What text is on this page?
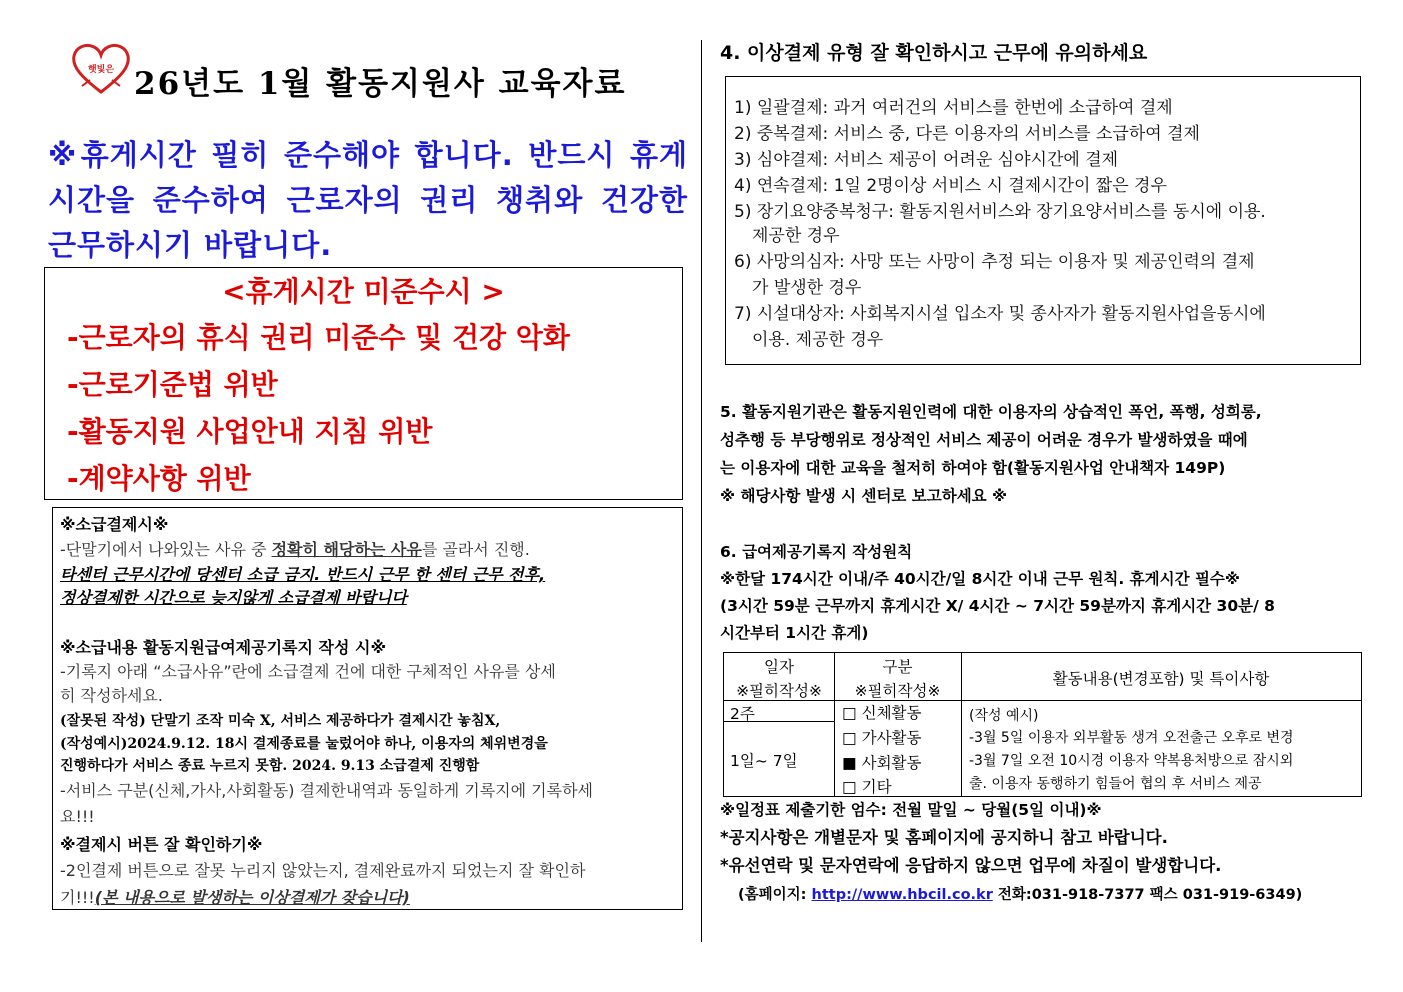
햇빛은 26년도 1월 활동지원사 교육자료
※휴게시간 필히 준수해야 합니다. 반드시 휴게시간을 준수하여 근로자의 권리 챙취와 건강한 근무하시기 바랍니다.
<휴게시간 미준수시 >
-근로자의 휴식 권리 미준수 및 건강 악화
-근로기준법 위반
-활동지원 사업안내 지침 위반
-계약사항 위반
※소급결제시※
-단말기에서 나와있는 사유 중 정확히 해당하는 사유를 골라서 진행.
타센터 근무시간에 당센터 소급 금지. 반드시 근무 한 센터 근무 전후,
정상결제한 시간으로 늦지않게 소급결제 바랍니다
※소급내용 활동지원급여제공기록지 작성 시※
-기록지 아래 “소급사유”란에 소급결제 건에 대한 구체적인 사유를 상세
히 작성하세요.
(잘못된 작성) 단말기 조작 미숙 X, 서비스 제공하다가 결제시간 놓침X,
(작성예시)2024.9.12. 18시 결제종료를 눌렀어야 하나, 이용자의 체위변경을
진행하다가 서비스 종료 누르지 못함. 2024. 9.13 소급결제 진행함
-서비스 구분(신체,가사,사회활동) 결제한내역과 동일하게 기록지에 기록하세
요!!!
※결제시 버튼 잘 확인하기※
-2인결제 버튼으로 잘못 누리지 않았는지, 결제완료까지 되었는지 잘 확인하
기!!!(본 내용으로 발생하는 이상결제가 잦습니다)
4. 이상결제 유형 잘 확인하시고 근무에 유의하세요
1) 일괄결제: 과거 여러건의 서비스를 한번에 소급하여 결제
2) 중복결제: 서비스 중, 다른 이용자의 서비스를 소급하여 결제
3) 심야결제: 서비스 제공이 어려운 심야시간에 결제
4) 연속결제: 1일 2명이상 서비스 시 결제시간이 짧은 경우
5) 장기요양중복청구: 활동지원서비스와 장기요양서비스를 동시에 이용.
제공한 경우
6) 사망의심자: 사망 또는 사망이 추정 되는 이용자 및 제공인력의 결제
가 발생한 경우
7) 시설대상자: 사회복지시설 입소자 및 종사자가 활동지원사업을동시에
이용. 제공한 경우
5. 활동지원기관은 활동지원인력에 대한 이용자의 상습적인 폭언, 폭행, 성희롱,
성추행 등 부당행위로 정상적인 서비스 제공이 어려운 경우가 발생하였을 때에
는 이용자에 대한 교육을 철저히 하여야 함(활동지원사업 안내책자 149P)
※ 해당사항 발생 시 센터로 보고하세요 ※
6. 급여제공기록지 작성원칙
※한달 174시간 이내/주 40시간/일 8시간 이내 근무 원칙. 휴게시간 필수※
(3시간 59분 근무까지 휴게시간 X/ 4시간 ~ 7시간 59분까지 휴게시간 30분/ 8
시간부터 1시간 휴게)
일자
※필히작성※
구분
※필히작성※
활동내용(변경포함) 및 특이사항
2주
1일~ 7일
□ 신체활동
□ 가사활동
■ 사회활동
□ 기타
(작성 예시)
-3월 5일 이용자 외부활동 생겨 오전출근 오후로 변경
-3월 7일 오전 10시경 이용자 약복용처방으로 잠시외
출. 이용자 동행하기 힘들어 협의 후 서비스 제공
※일정표 제출기한 엄수: 전월 말일 ~ 당월(5일 이내)※
*공지사항은 개별문자 및 홈페이지에 공지하니 참고 바랍니다.
*유선연락 및 문자연락에 응답하지 않으면 업무에 차질이 발생합니다.
(홈페이지: http://www.hbcil.co.kr 전화:031-918-7377 팩스 031-919-6349)
